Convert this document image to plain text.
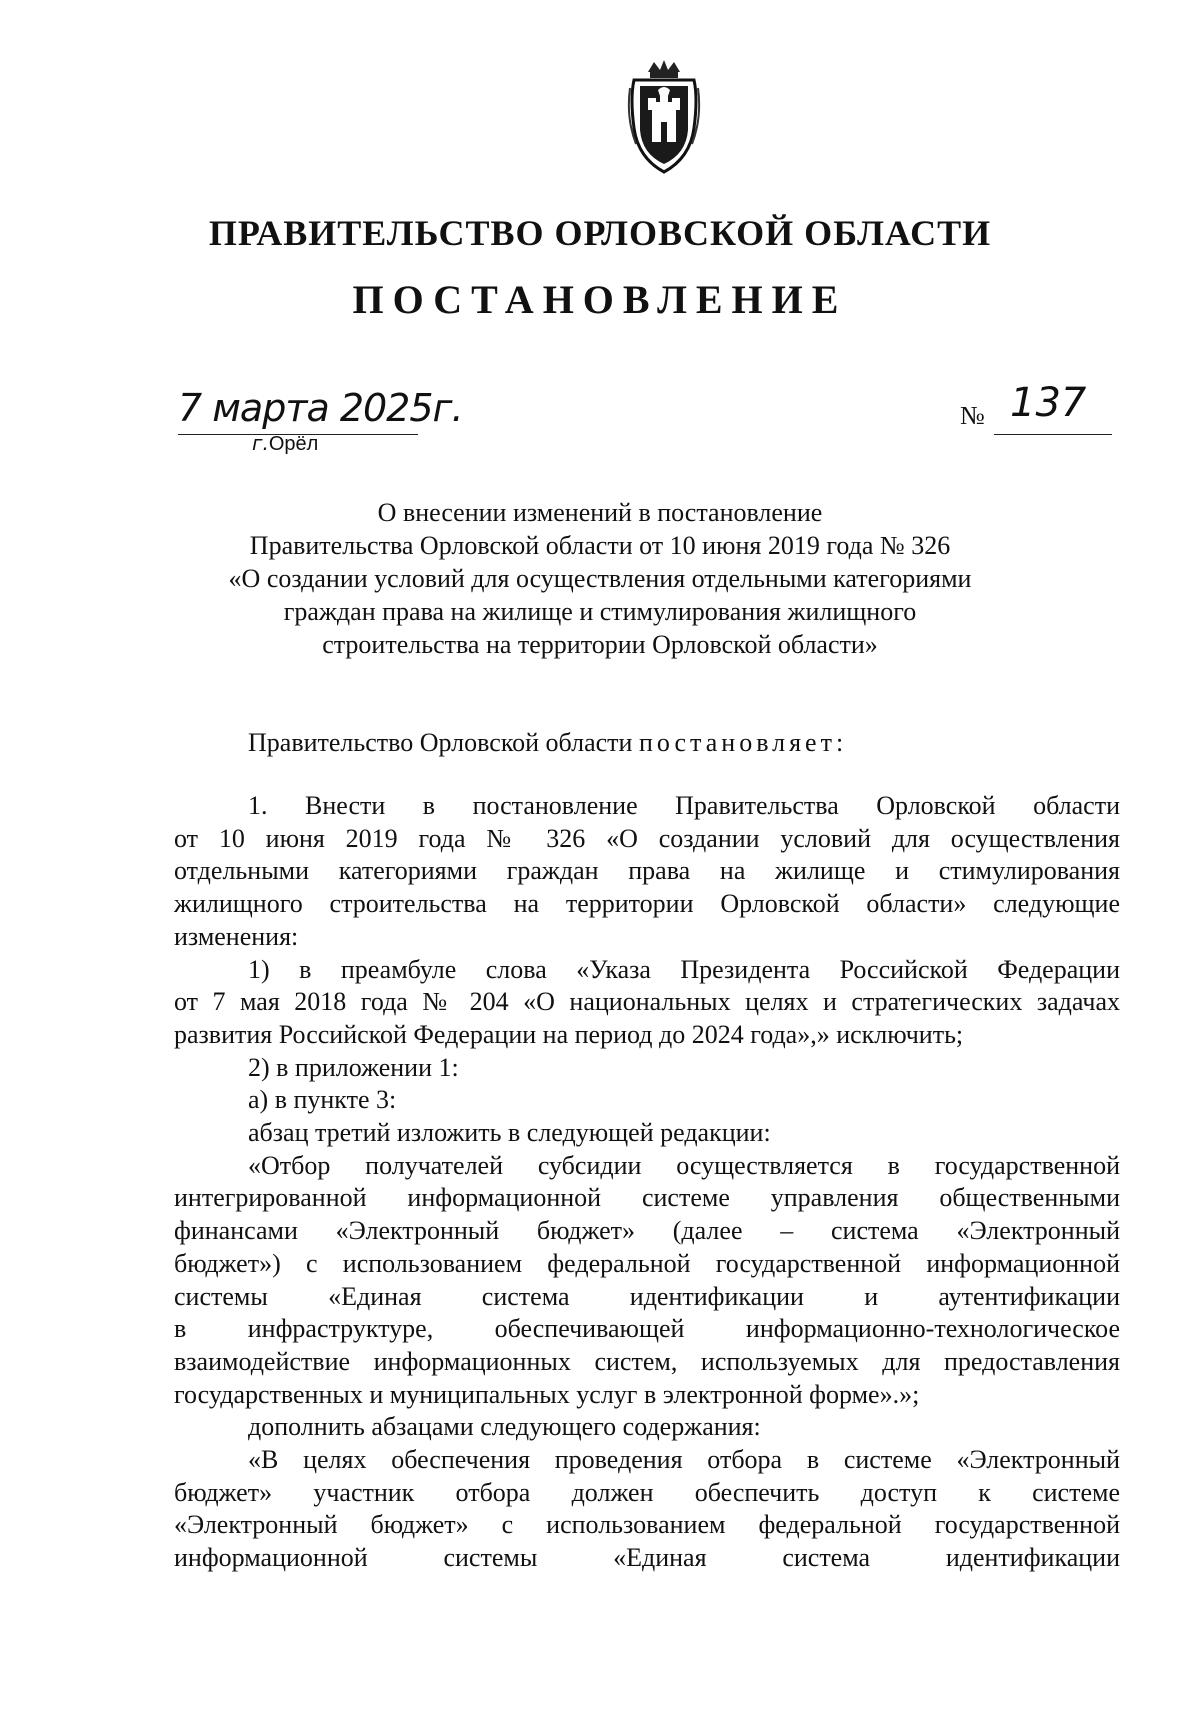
ПРАВИТЕЛЬСТВО ОРЛОВСКОЙ ОБЛАСТИ
ПОСТАНОВЛЕНИЕ
7 марта 2025г.
г.Орёл
№ 137
О внесении изменений в постановление
Правительства Орловской области от 10 июня 2019 года № 326
«О создании условий для осуществления отдельными категориями
граждан права на жилище и стимулирования жилищного
строительства на территории Орловской области»
Правительство Орловской области постановляет:

1. Внести в постановление Правительства Орловской области

от 10 июня 2019 года № 326 «О создании условий для осуществления

отдельными категориями граждан права на жилище и стимулирования

жилищного строительства на территории Орловской области» следующие

изменения:

1) в преамбуле слова «Указа Президента Российской Федерации

от 7 мая 2018 года № 204 «О национальных целях и стратегических задачах

развития Российской Федерации на период до 2024 года»,» исключить;

2) в приложении 1:

а) в пункте 3:

абзац третий изложить в следующей редакции:

«Отбор получателей субсидии осуществляется в государственной

интегрированной информационной системе управления общественными

финансами «Электронный бюджет» (далее – система «Электронный

бюджет») с использованием федеральной государственной информационной

системы «Единая система идентификации и аутентификации

в инфраструктуре, обеспечивающей информационно-технологическое

взаимодействие информационных систем, используемых для предоставления

государственных и муниципальных услуг в электронной форме».»;

дополнить абзацами следующего содержания:

«В целях обеспечения проведения отбора в системе «Электронный

бюджет» участник отбора должен обеспечить доступ к системе

«Электронный бюджет» с использованием федеральной государственной

информационной системы «Единая система идентификации
